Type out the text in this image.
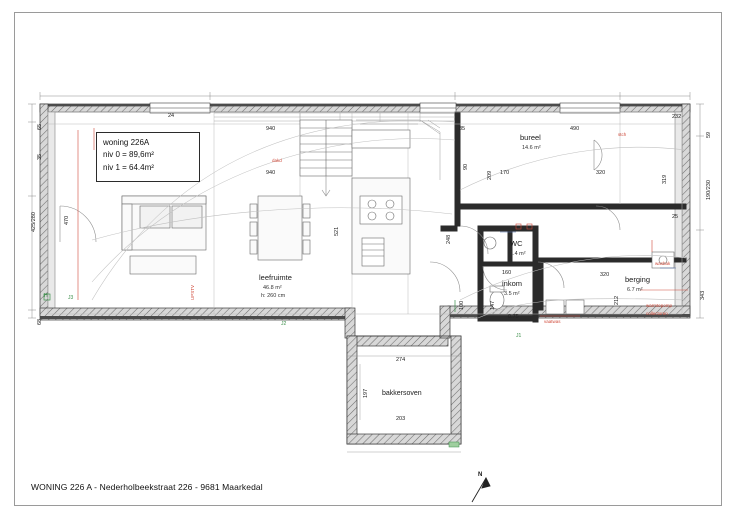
woning 226A
niv 0 = 89,6m²
niv 1 = 64.4m²
leefruimte
46.8 m²
h: 260 cm
bureel
14.6 m²
WC
1.4 m²
inkom
3.5 m²
berging
6.7 m²
bakkersoven
24
940	85	490
940
90
209 170	320
319
59
190/230
25
343
65
35
425/280	470
68
J3
521
248
100	147
160
0.75
212
320
J2
J1
274
197
203
dakd
UPSTV
stch
H
wasbak
vaatwas
warmtepomp
collectoren
232
WONING 226 A - Nederholbeekstraat 226 - 9681 Maarkedal
N
